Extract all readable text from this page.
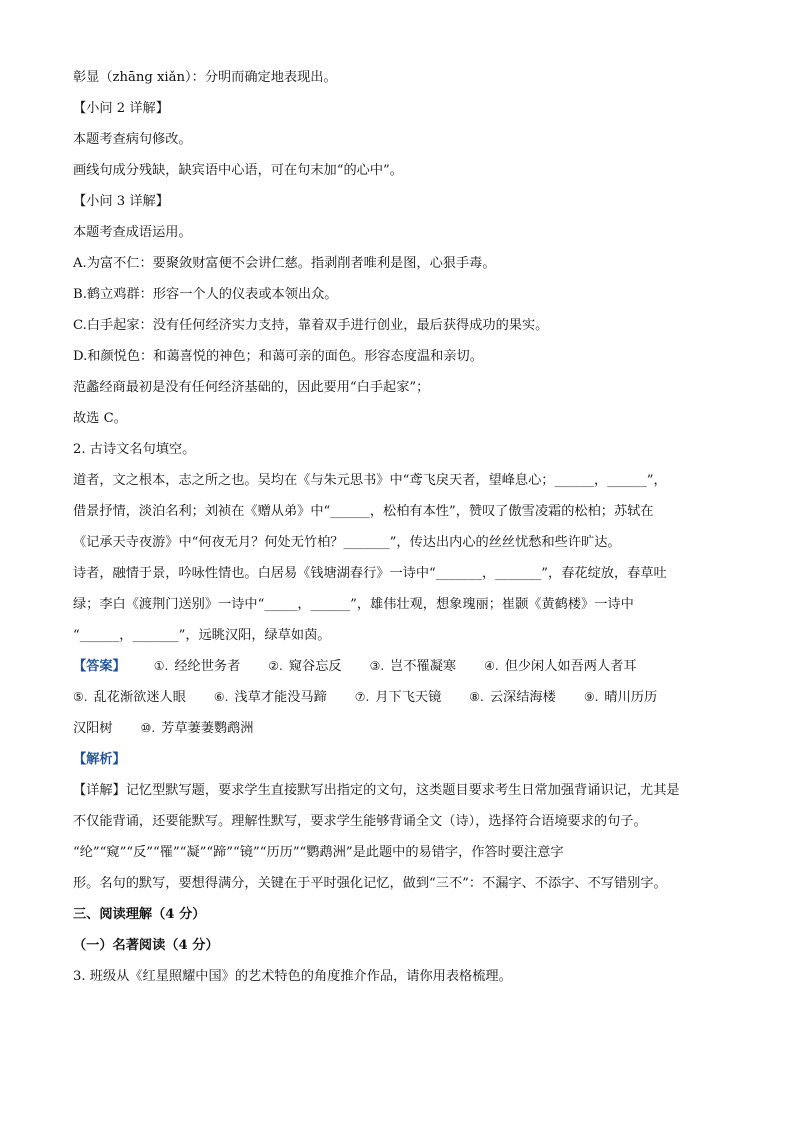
彰显（zhāng xiǎn）：分明而确定地表现出。
【小问 2 详解】
本题考查病句修改。
画线句成分残缺，缺宾语中心语，可在句末加“的心中”。
【小问 3 详解】
本题考查成语运用。
A.为富不仁：要聚敛财富便不会讲仁慈。指剥削者唯利是图，心狠手毒。
B.鹤立鸡群：形容一个人的仪表或本领出众。
C.白手起家：没有任何经济实力支持，靠着双手进行创业，最后获得成功的果实。
D.和颜悦色：和蔼喜悦的神色；和蔼可亲的面色。形容态度温和亲切。
范蠡经商最初是没有任何经济基础的，因此要用“白手起家”；
故选 C。
2. 古诗文名句填空。
道者，文之根本，志之所之也。吴均在《与朱元思书》中“鸢飞戾天者，望峰息心；______，______”，
借景抒情，淡泊名利；刘祯在《赠从弟》中“______，松柏有本性”，赞叹了傲雪凌霜的松柏；苏轼在
《记承天寺夜游》中“何夜无月？何处无竹柏？_______”，传达出内心的丝丝忧愁和些许旷达。
诗者，融情于景，吟咏性情也。白居易《钱塘湖春行》一诗中“_______，_______”，春花绽放，春草吐
绿；李白《渡荆门送别》一诗中“_____，______”，雄伟壮观，想象瑰丽；崔颢《黄鹤楼》一诗中
“______，_______”，远眺汉阳，绿草如茵。
【答案】 ①. 经纶世务者 ②. 窥谷忘反 ③. 岂不罹凝寒 ④. 但少闲人如吾两人者耳
⑤. 乱花渐欲迷人眼 ⑥. 浅草才能没马蹄 ⑦. 月下飞天镜 ⑧. 云深结海楼 ⑨. 晴川历历
汉阳树 ⑩. 芳草萋萋鹦鹉洲
【解析】
【详解】记忆型默写题，要求学生直接默写出指定的文句，这类题目要求考生日常加强背诵识记，尤其是
不仅能背诵，还要能默写。理解性默写，要求学生能够背诵全文（诗），选择符合语境要求的句子。
“纶”“窥”“反”“罹”“凝”“蹄”“镜”“历历”“鹦鹉洲”是此题中的易错字，作答时要注意字
形。名句的默写，要想得满分，关键在于平时强化记忆，做到“三不”：不漏字、不添字、不写错别字。
三、阅读理解（4 分）
（一）名著阅读（4 分）
3. 班级从《红星照耀中国》的艺术特色的角度推介作品，请你用表格梳理。
